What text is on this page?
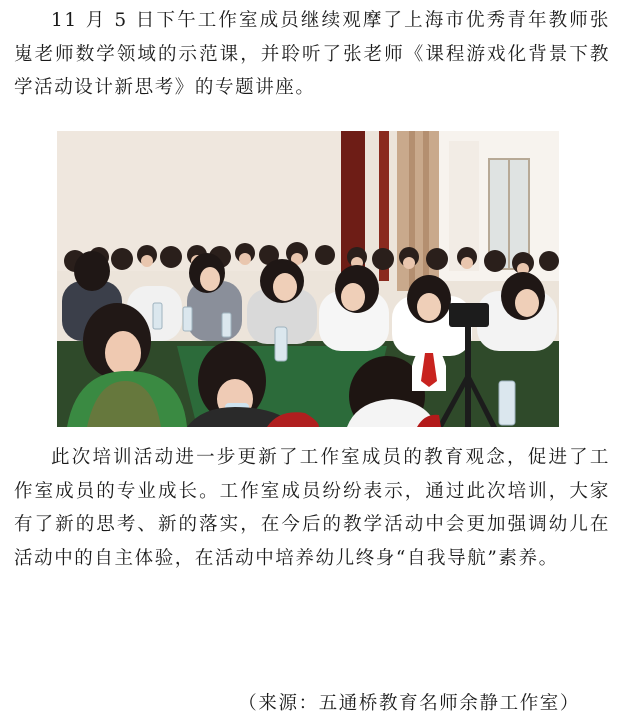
11 月 5 日下午工作室成员继续观摩了上海市优秀青年教师张嵬老师数学领域的示范课，并聆听了张老师《课程游戏化背景下教学活动设计新思考》的专题讲座。

此次培训活动进一步更新了工作室成员的教育观念，促进了工作室成员的专业成长。工作室成员纷纷表示，通过此次培训，大家有了新的思考、新的落实，在今后的教学活动中会更加强调幼儿在活动中的自主体验，在活动中培养幼儿终身“自我导航”素养。

（来源：五通桥教育名师余静工作室）
